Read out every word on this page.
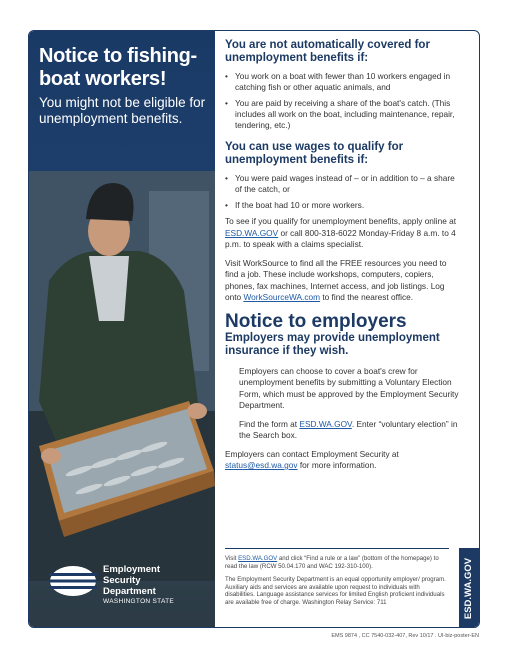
Notice to fishing-boat workers!
You might not be eligible for unemployment benefits.
Employment
Security
Department
WASHINGTON STATE
You are not automatically covered for unemployment benefits if:
• You work on a boat with fewer than 10 workers engaged in catching fish or other aquatic animals, and
• You are paid by receiving a share of the boat's catch. (This includes all work on the boat, including maintenance, repair, tendering, etc.)
You can use wages to qualify for unemployment benefits if:
• You were paid wages instead of – or in addition to – a share of the catch, or
• If the boat had 10 or more workers.

To see if you qualify for unemployment benefits, apply online at ESD.WA.GOV or call 800-318-6022 Monday-Friday 8 a.m. to 4 p.m. to speak with a claims specialist.

Visit WorkSource to find all the FREE resources you need to find a job. These include workshops, computers, copiers, phones, fax machines, Internet access, and job listings. Log onto WorkSourceWA.com to find the nearest office.

Notice to employers
Employers may provide unemployment insurance if they wish.

Employers can choose to cover a boat's crew for unemployment benefits by submitting a Voluntary Election Form, which must be approved by the Employment Security Department.

Find the form at ESD.WA.GOV. Enter “voluntary election” in the Search box.

Employers can contact Employment Security at status@esd.wa.gov for more information.

Visit ESD.WA.GOV and click “Find a rule or a law” (bottom of the homepage) to read the law (RCW 50.04.170 and WAC 192-310-100).

The Employment Security Department is an equal opportunity employer/ program. Auxiliary aids and services are available upon request to individuals with disabilities. Language assistance services for limited English proficient individuals are available free of charge. Washington Relay Service: 711	ESD.WA.GOV
EMS 9874 , CC 7540-032-407, Rev 10/17 . UI-biz-poster-EN
